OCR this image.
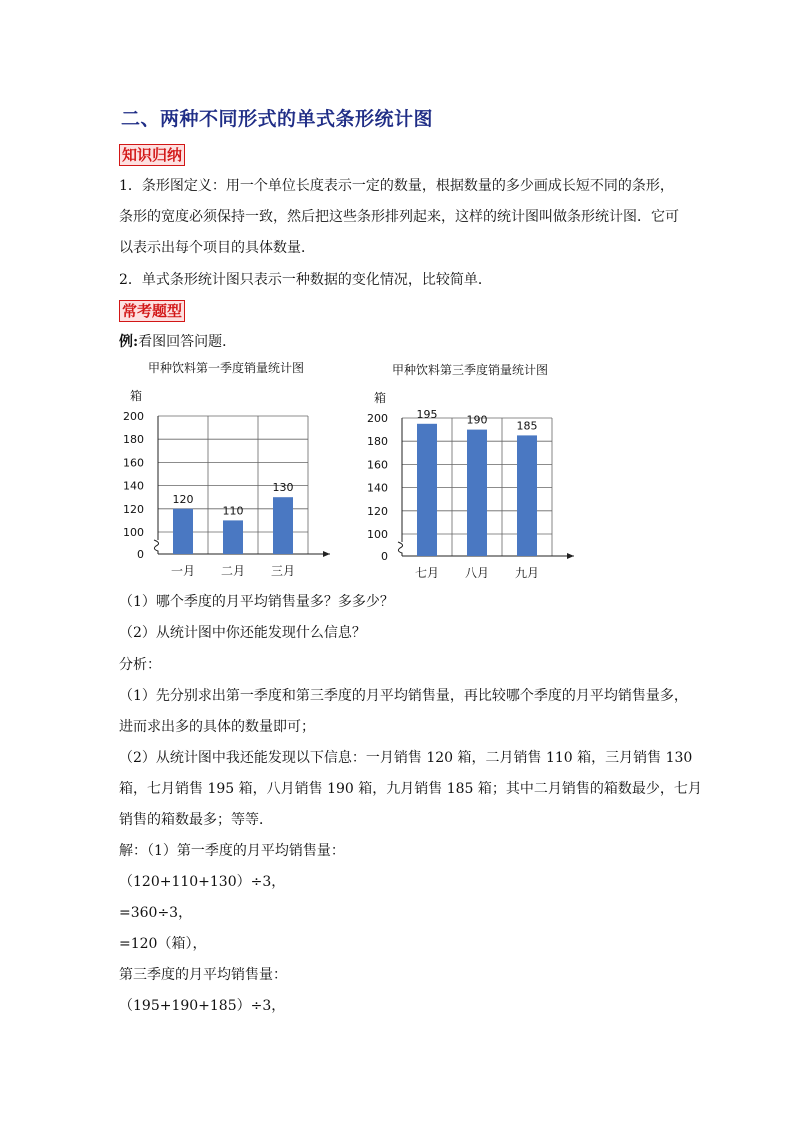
二、两种不同形式的单式条形统计图
知识归纳
1．条形图定义：用一个单位长度表示一定的数量，根据数量的多少画成长短不同的条形，
条形的宽度必须保持一致，然后把这些条形排列起来，这样的统计图叫做条形统计图．它可
以表示出每个项目的具体数量．
2．单式条形统计图只表示一种数据的变化情况，比较简单．
常考题型
例:看图回答问题．
甲种饮料第一季度销量统计图
箱
200
180
160
140
120
100
0
120
一月
110
二月
130
三月
甲种饮料第三季度销量统计图
箱
200
180
160
140
120
100
0
195
七月
190
八月
185
九月
（1）哪个季度的月平均销售量多？多多少？
（2）从统计图中你还能发现什么信息？
分析：
（1）先分别求出第一季度和第三季度的月平均销售量，再比较哪个季度的月平均销售量多，
进而求出多的具体的数量即可；
（2）从统计图中我还能发现以下信息：一月销售 120 箱，二月销售 110 箱，三月销售 130
箱，七月销售 195 箱，八月销售 190 箱，九月销售 185 箱；其中二月销售的箱数最少，七月
销售的箱数最多；等等．
解：（1）第一季度的月平均销售量：
（120+110+130）÷3，
=360÷3，
=120（箱），
第三季度的月平均销售量：
（195+190+185）÷3，
